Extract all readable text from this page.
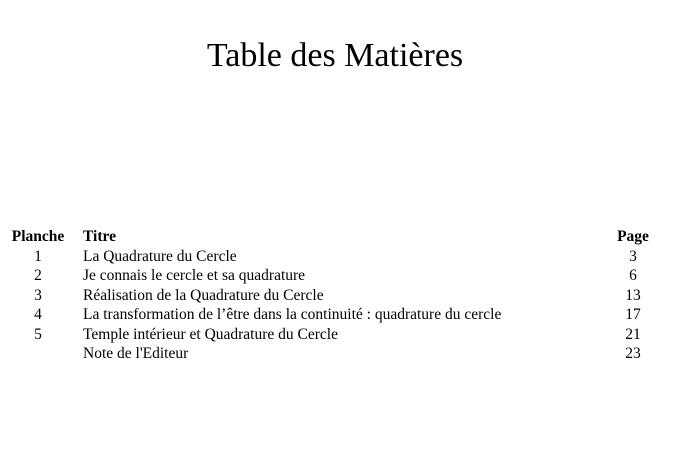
Table des Matières
Planche		Titre	Page
1		La Quadrature du Cercle	3
2		Je connais le cercle et sa quadrature	6
3		Réalisation de la Quadrature du Cercle	13
4		La transformation de l’être dans la continuité : quadrature du cercle	17
5		Temple intérieur et Quadrature du Cercle	21
		Note de l'Editeur	23
